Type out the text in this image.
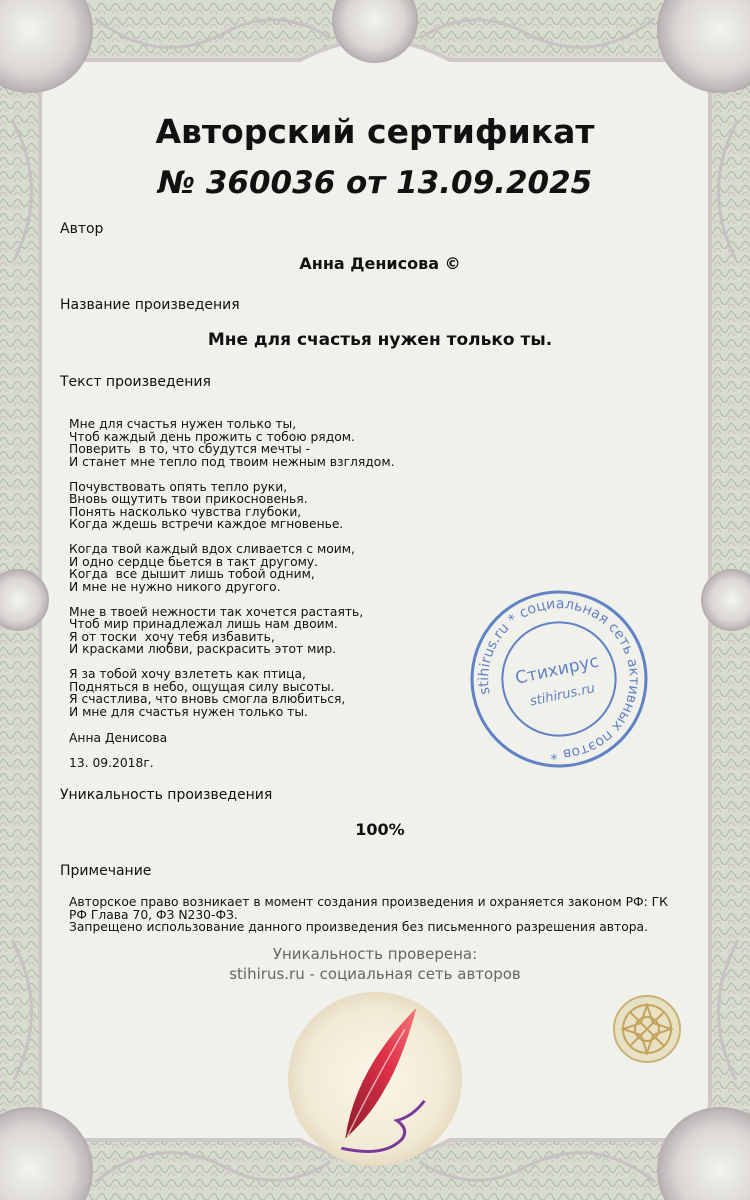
Авторский сертификат
№ 360036 от 13.09.2025
Автор
Анна Денисова ©
Название произведения
Мне для счастья нужен только ты.
Текст произведения
Мне для счастья нужен только ты,
Чтоб каждый день прожить с тобою рядом.
Поверить  в то, что сбудутся мечты -
И станет мне тепло под твоим нежным взглядом.
Почувствовать опять тепло руки,
Вновь ощутить твои прикосновенья.
Понять насколько чувства глубоки,
Когда ждешь встречи каждое мгновенье.
Когда твой каждый вдох сливается с моим,
И одно сердце бьется в такт другому.
Когда  все дышит лишь тобой одним,
И мне не нужно никого другого.
Мне в твоей нежности так хочется растаять,
Чтоб мир принадлежал лишь нам двоим.
Я от тоски  хочу тебя избавить,
И красками любви, раскрасить этот мир.
Я за тобой хочу взлететь как птица,
Подняться в небо, ощущая силу высоты.
Я счастлива, что вновь смогла влюбиться,
И мне для счастья нужен только ты.
Анна Денисова
13. 09.2018г.
Уникальность произведения
100%
Примечание
Авторское право возникает в момент создания произведения и охраняется законом РФ: ГК РФ Глава 70, ФЗ N230-ФЗ.
Запрещено использование данного произведения без письменного разрешения автора.
Уникальность проверена:
stihirus.ru - социальная сеть авторов
stihirus.ru * социальная сеть активных поэтов *
Стихирус
stihirus.ru
